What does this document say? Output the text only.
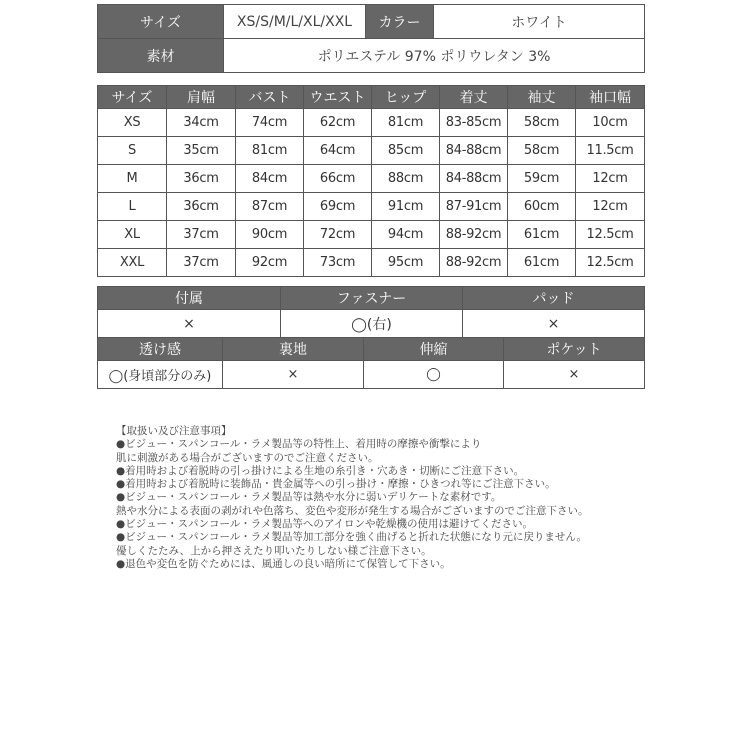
サイズ	XS/S/M/L/XL/XXL	カラー	ホワイト
素材	ポリエステル 97% ポリウレタン 3%		
サイズ	肩幅	バスト	ウエスト	ヒップ	着丈	袖丈	袖口幅
XS	34cm	74cm	62cm	81cm	83-85cm	58cm	10cm
S	35cm	81cm	64cm	85cm	84-88cm	58cm	11.5cm
M	36cm	84cm	66cm	88cm	84-88cm	59cm	12cm
L	36cm	87cm	69cm	91cm	87-91cm	60cm	12cm
XL	37cm	90cm	72cm	94cm	88-92cm	61cm	12.5cm
XXL	37cm	92cm	73cm	95cm	88-92cm	61cm	12.5cm
付属	ファスナー	パッド
×	◯(右)	×
透け感	裏地	伸縮	ポケット
◯(身頃部分のみ)	×	◯	×
【取扱い及び注意事項】
●ビジュー・スパンコール・ラメ製品等の特性上、着用時の摩擦や衝撃により
肌に刺激がある場合がございますのでご注意ください。
●着用時および着脱時の引っ掛けによる生地の糸引き・穴あき・切断にご注意下さい。
●着用時および着脱時に装飾品・貴金属等への引っ掛け・摩擦・ひきつれ等にご注意下さい。
●ビジュー・スパンコール・ラメ製品等は熱や水分に弱いデリケートな素材です。
熱や水分による表面の剥がれや色落ち、変色や変形が発生する場合がございますのでご注意下さい。
●ビジュー・スパンコール・ラメ製品等へのアイロンや乾燥機の使用は避けてください。
●ビジュー・スパンコール・ラメ製品等加工部分を強く曲げると折れた状態になり元に戻りません。
優しくたたみ、上から押さえたり叩いたりしない様ご注意下さい。
●退色や変色を防ぐためには、風通しの良い暗所にて保管して下さい。
